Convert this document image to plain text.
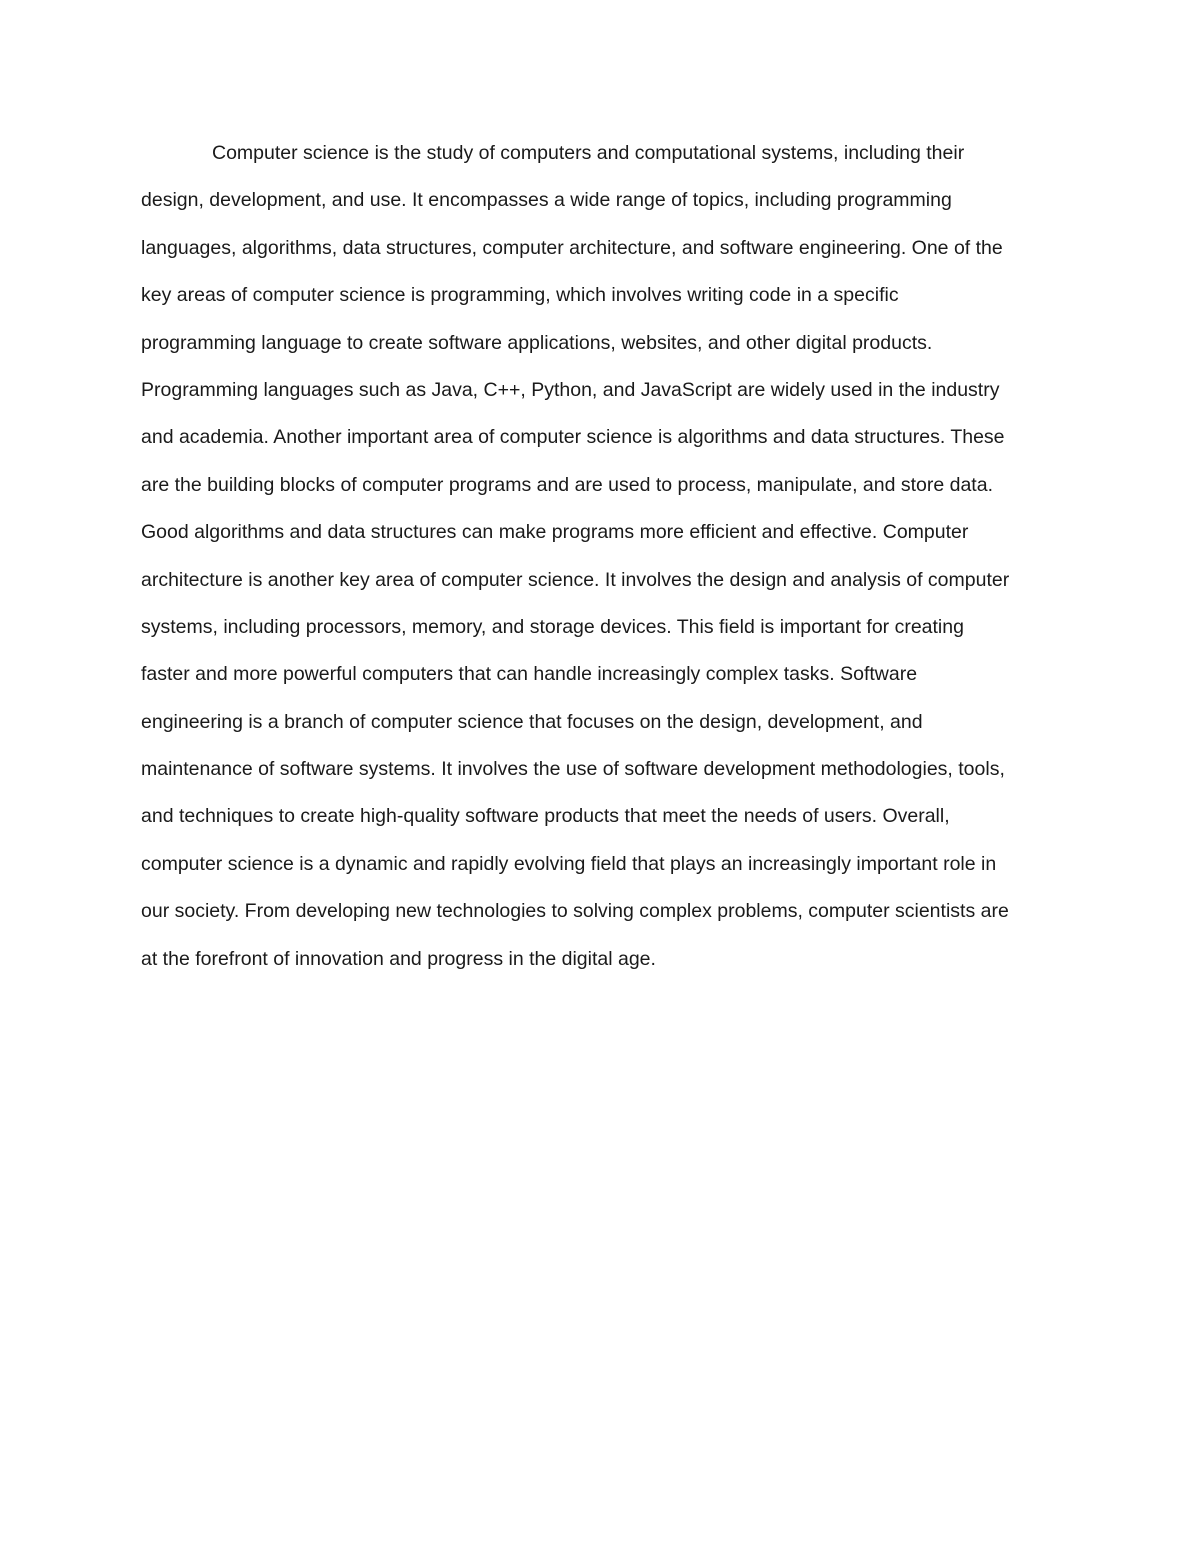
Computer science is the study of computers and computational systems, including their
design, development, and use. It encompasses a wide range of topics, including programming
languages, algorithms, data structures, computer architecture, and software engineering. One of the
key areas of computer science is programming, which involves writing code in a specific
programming language to create software applications, websites, and other digital products.
Programming languages such as Java, C++, Python, and JavaScript are widely used in the industry
and academia. Another important area of computer science is algorithms and data structures. These
are the building blocks of computer programs and are used to process, manipulate, and store data.
Good algorithms and data structures can make programs more efficient and effective. Computer
architecture is another key area of computer science. It involves the design and analysis of computer
systems, including processors, memory, and storage devices. This field is important for creating
faster and more powerful computers that can handle increasingly complex tasks. Software
engineering is a branch of computer science that focuses on the design, development, and
maintenance of software systems. It involves the use of software development methodologies, tools,
and techniques to create high-quality software products that meet the needs of users. Overall,
computer science is a dynamic and rapidly evolving field that plays an increasingly important role in
our society. From developing new technologies to solving complex problems, computer scientists are
at the forefront of innovation and progress in the digital age.
